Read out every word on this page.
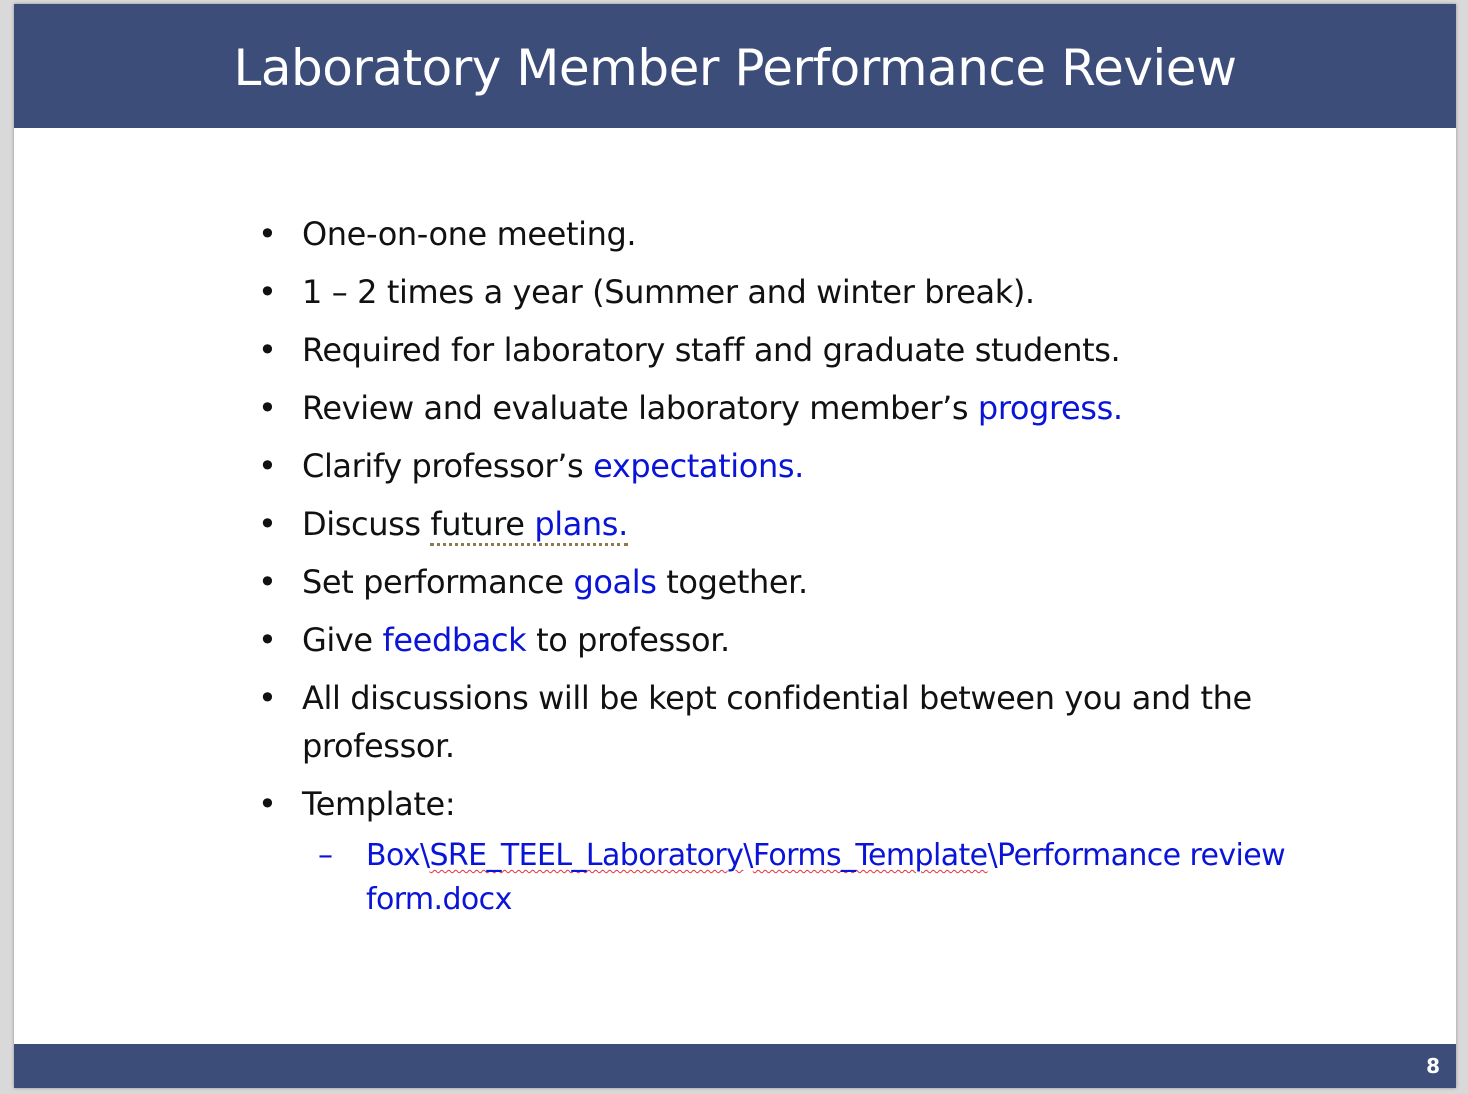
Laboratory Member Performance Review
• One-on-one meeting.
• 1 – 2 times a year (Summer and winter break).
• Required for laboratory staff and graduate students.
• Review and evaluate laboratory member’s progress.
• Clarify professor’s expectations.
• Discuss future plans.
• Set performance goals together.
• Give feedback to professor.
• All discussions will be kept confidential between you and the professor.
• Template:
– Box\SRE_TEEL_Laboratory\Forms_Template\Performance review form.docx
8
